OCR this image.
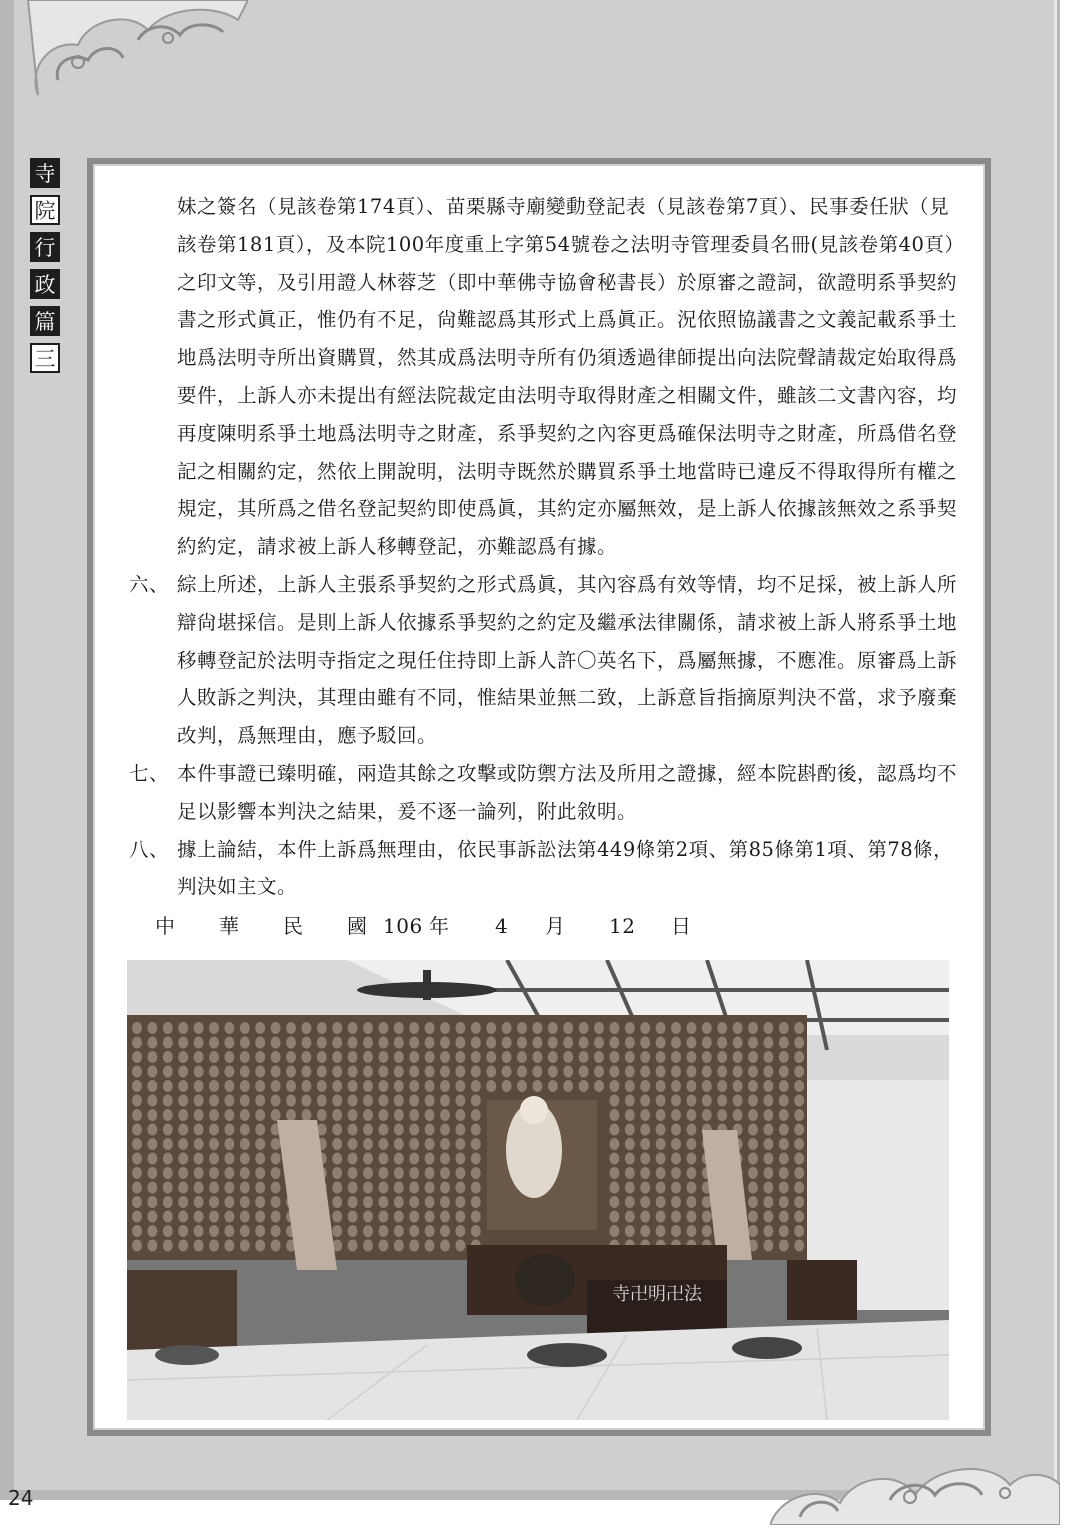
寺
院
行
政
篇
三

妹之簽名（見該卷第174頁）、苗栗縣寺廟變動登記表（見該卷第7頁）、民事委任狀（見該卷第181頁），及本院100年度重上字第54號卷之法明寺管理委員名冊(見該卷第40頁）之印文等，及引用證人林蓉芝（即中華佛寺協會秘書長）於原審之證詞，欲證明系爭契約書之形式眞正，惟仍有不足，尙難認爲其形式上爲眞正。況依照協議書之文義記載系爭土地爲法明寺所出資購買，然其成爲法明寺所有仍須透過律師提出向法院聲請裁定始取得爲要件，上訴人亦未提出有經法院裁定由法明寺取得財產之相關文件，雖該二文書內容，均再度陳明系爭土地爲法明寺之財產，系爭契約之內容更爲確保法明寺之財產，所爲借名登記之相關約定，然依上開說明，法明寺既然於購買系爭土地當時已違反不得取得所有權之規定，其所爲之借名登記契約即使爲眞，其約定亦屬無效，是上訴人依據該無效之系爭契約約定，請求被上訴人移轉登記，亦難認爲有據。

六、 綜上所述，上訴人主張系爭契約之形式爲眞，其內容爲有效等情，均不足採，被上訴人所辯尙堪採信。是則上訴人依據系爭契約之約定及繼承法律關係，請求被上訴人將系爭土地移轉登記於法明寺指定之現任住持即上訴人許〇英名下，爲屬無據，不應准。原審爲上訴人敗訴之判決，其理由雖有不同，惟結果並無二致，上訴意旨指摘原判決不當，求予廢棄改判，爲無理由，應予駁回。
七、 本件事證已臻明確，兩造其餘之攻擊或防禦方法及所用之證據，經本院斟酌後，認爲均不足以影響本判決之結果，爰不逐一論列，附此敘明。
八、 據上論結，本件上訴爲無理由，依民事訴訟法第449條第2項、第85條第1項、第78條，判決如主文。
中	華	民	國 106 年	4	月	12	日
寺卍明卍法
24
